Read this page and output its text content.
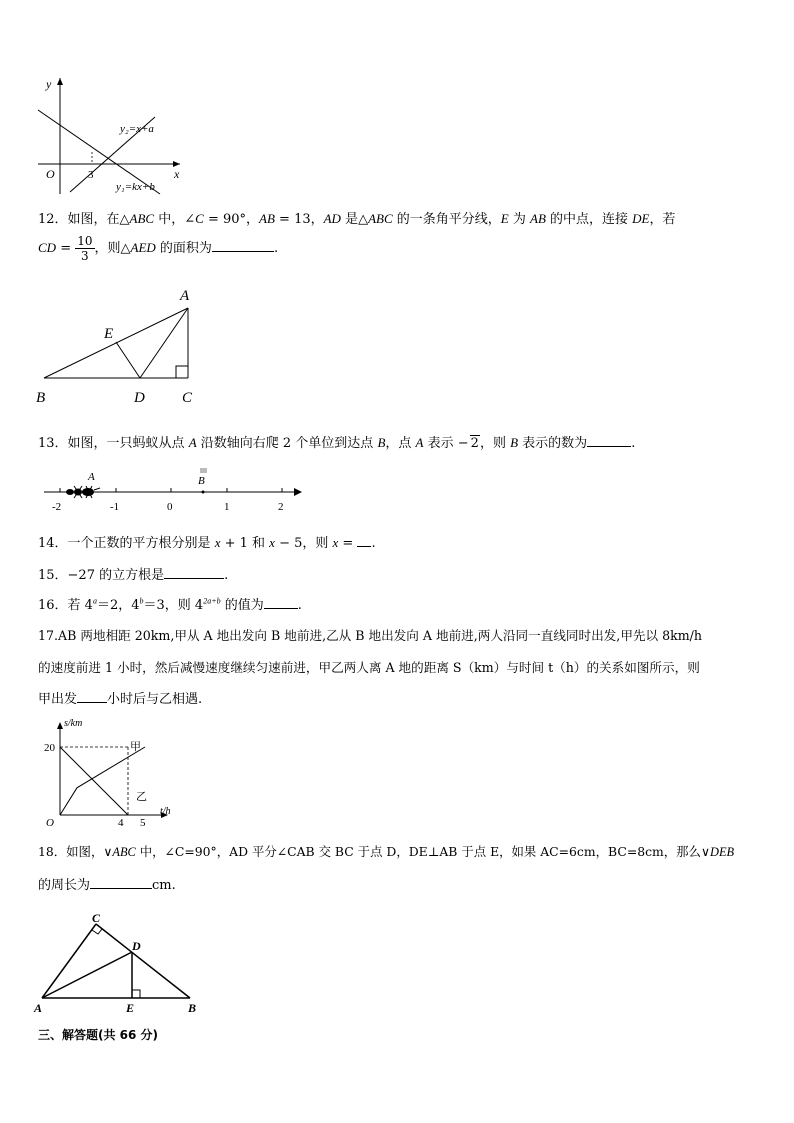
y
x
O	3
y₂=x+a
y₁=kx+b
12．如图，在△ABC 中，∠C = 90°，AB = 13，AD 是△ABC 的一条角平分线，E 为 AB 的中点，连接 DE，若
CD = $\frac{10}{3}$ ，则△AED 的面积为	.
A
B	C
D
E
13．如图，一只蚂蚁从点 A 沿数轴向右爬 2 个单位到达点 B，点 A 表示 − 2，则 B 表示的数为	.
A	B
-2	-1	0	1	2
14．一个正数的平方根分别是 x + 1 和 x − 5，则 x = .
15．−27 的立方根是	.
16．若 $4^a=2$，$4^b=3$，则 $4^{2a+b}$ 的值为	.
17.AB 两地相距 20km,甲从 A 地出发向 B 地前进,乙从 B 地出发向 A 地前进,两人沿同一直线同时出发,甲先以 8km/h
的速度前进 1 小时，然后减慢速度继续匀速前进，甲乙两人离 A 地的距离 S（km）与时间 t（h）的关系如图所示，则
甲出发 小时后与乙相遇.
s/km
t/h
O
20
4 5
甲
乙
18．如图，∨ABC 中，∠C=90°，AD 平分∠CAB 交 BC 于点 D，DE⊥AB 于点 E，如果 AC=6cm，BC=8cm，那么∨DEB
的周长为	cm.
C
D
A	E	B
三、解答题(共 66 分)
